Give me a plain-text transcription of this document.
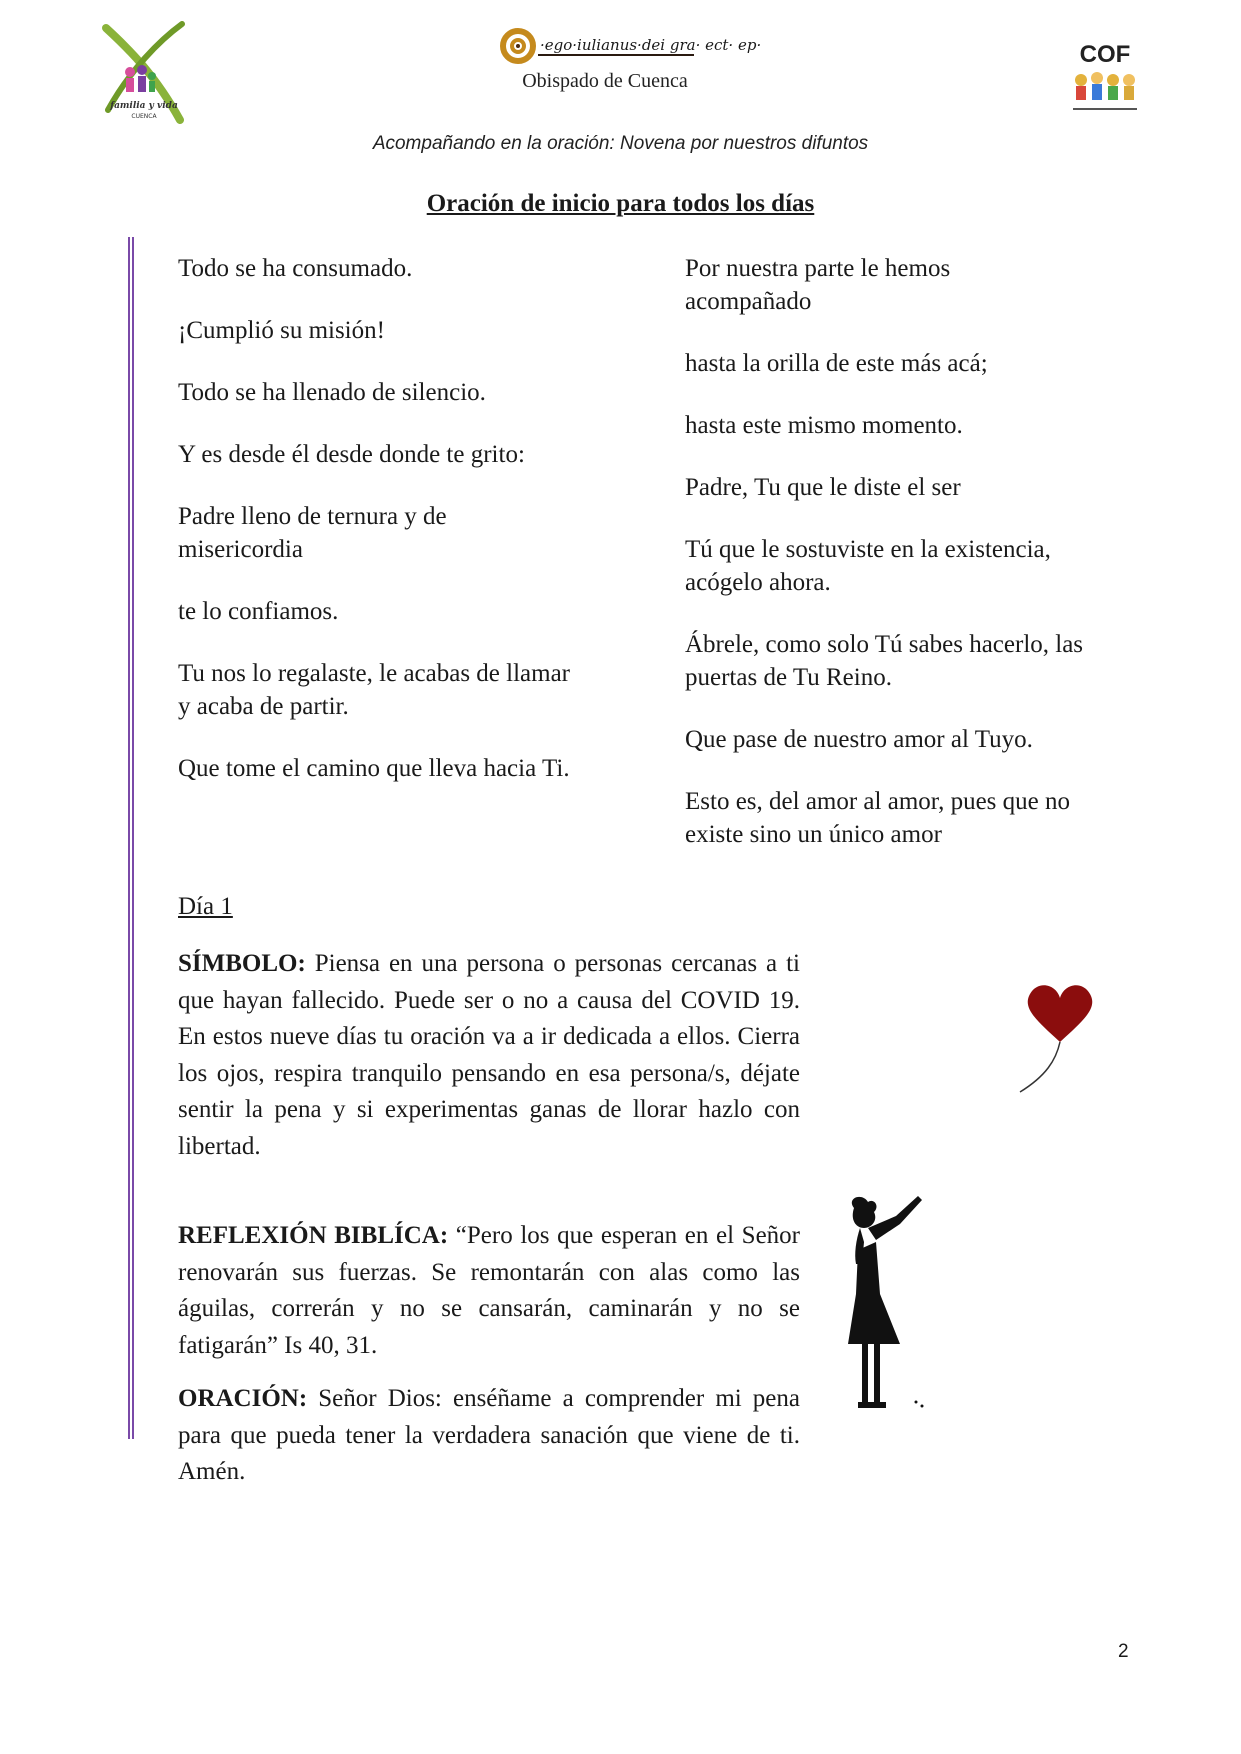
familia y vida
CUENCA
·ego·iulianus·dei gra· ect· ep·
Obispado de Cuenca
COF
Acompañando en la oración: Novena por nuestros difuntos
Oración de inicio para todos los días

Todo se ha consumado.

¡Cumplió su misión!

Todo se ha llenado de silencio.

Y es desde él desde donde te grito:

Padre lleno de ternura y de misericordia

te lo confiamos.

Tu nos lo regalaste, le acabas de llamar y acaba de partir.

Que tome el camino que lleva hacia Ti.

Por nuestra parte le hemos acompañado

hasta la orilla de este más acá;

hasta este mismo momento.

Padre, Tu que le diste el ser

Tú que le sostuviste en la existencia, acógelo ahora.

Ábrele, como solo Tú sabes hacerlo, las puertas de Tu Reino.

Que pase de nuestro amor al Tuyo.

Esto es, del amor al amor, pues que no existe sino un único amor

Día 1
SÍMBOLO: Piensa en una persona o personas cercanas a ti que hayan fallecido. Puede ser o no a causa del COVID 19. En estos nueve días tu oración va a ir dedicada a ellos. Cierra los ojos, respira tranquilo pensando en esa persona/s, déjate sentir la pena y si experimentas ganas de llorar hazlo con libertad.
REFLEXIÓN BIBLÍCA: “Pero los que esperan en el Señor renovarán sus fuerzas. Se remontarán con alas como las águilas, correrán y no se cansarán, caminarán y no se fatigarán” Is 40, 31.
ORACIÓN: Señor Dios: enséñame a comprender mi pena para que pueda tener la verdadera sanación que viene de ti. Amén.
2
